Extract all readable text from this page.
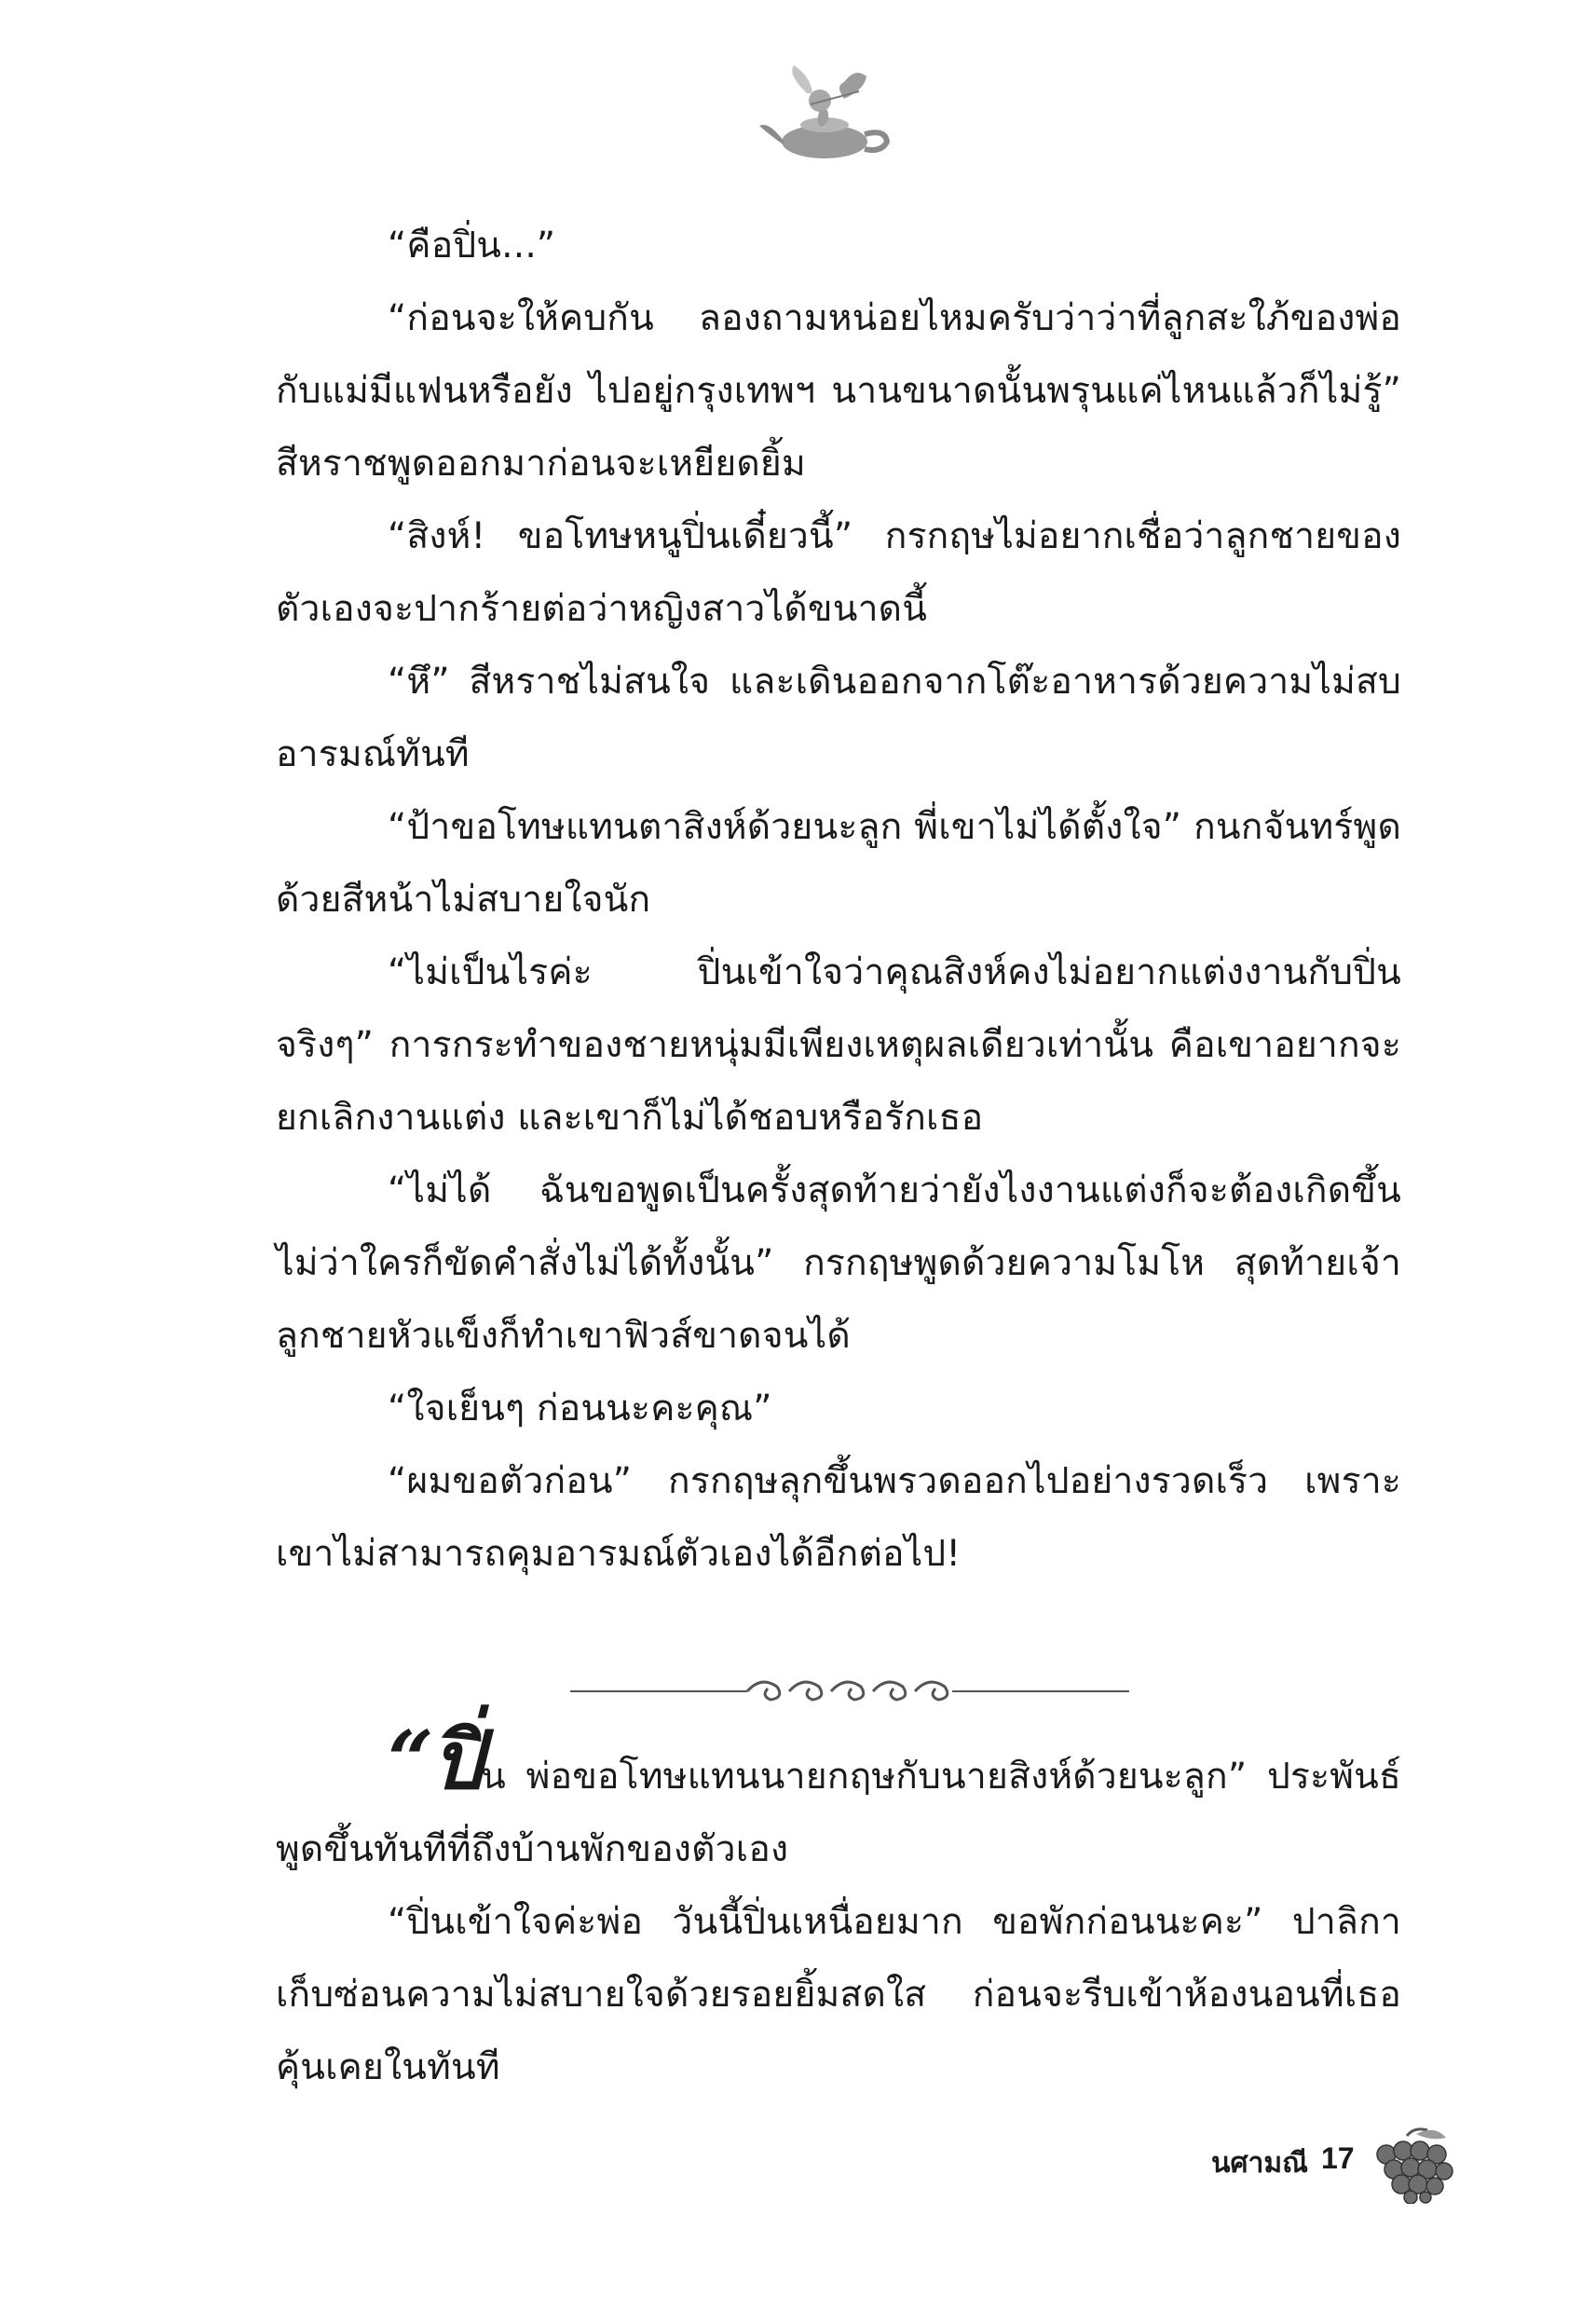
“คือปิ่น...”

“ก่อนจะให้คบกัน ลองถามหน่อยไหมครับว่าว่าที่ลูกสะใภ้ของพ่อกับแม่มีแฟนหรือยัง ไปอยู่กรุงเทพฯ นานขนาดนั้นพรุนแค่ไหนแล้วก็ไม่รู้” สีหราชพูดออกมาก่อนจะเหยียดยิ้ม

“สิงห์! ขอโทษหนูปิ่นเดี๋ยวนี้” กรกฤษไม่อยากเชื่อว่าลูกชายของตัวเองจะปากร้ายต่อว่าหญิงสาวได้ขนาดนี้

“หึ” สีหราชไม่สนใจ และเดินออกจากโต๊ะอาหารด้วยความไม่สบอารมณ์ทันที

“ป้าขอโทษแทนตาสิงห์ด้วยนะลูก พี่เขาไม่ได้ตั้งใจ” กนกจันทร์พูดด้วยสีหน้าไม่สบายใจนัก

“ไม่เป็นไรค่ะ ปิ่นเข้าใจว่าคุณสิงห์คงไม่อยากแต่งงานกับปิ่นจริงๆ” การกระทำของชายหนุ่มมีเพียงเหตุผลเดียวเท่านั้น คือเขาอยากจะยกเลิกงานแต่ง และเขาก็ไม่ได้ชอบหรือรักเธอ

“ไม่ได้ ฉันขอพูดเป็นครั้งสุดท้ายว่ายังไงงานแต่งก็จะต้องเกิดขึ้นไม่ว่าใครก็ขัดคำสั่งไม่ได้ทั้งนั้น” กรกฤษพูดด้วยความโมโห สุดท้ายเจ้าลูกชายหัวแข็งก็ทำเขาฟิวส์ขาดจนได้

“ใจเย็นๆ ก่อนนะคะคุณ”

“ผมขอตัวก่อน” กรกฤษลุกขึ้นพรวดออกไปอย่างรวดเร็ว เพราะเขาไม่สามารถคุมอารมณ์ตัวเองได้อีกต่อไป!

“ปิ่น พ่อขอโทษแทนนายกฤษกับนายสิงห์ด้วยนะลูก” ประพันธ์พูดขึ้นทันทีที่ถึงบ้านพักของตัวเอง

“ปิ่นเข้าใจค่ะพ่อ วันนี้ปิ่นเหนื่อยมาก ขอพักก่อนนะคะ” ปาลิกาเก็บซ่อนความไม่สบายใจด้วยรอยยิ้มสดใส ก่อนจะรีบเข้าห้องนอนที่เธอคุ้นเคยในทันที

นศามณี 17
